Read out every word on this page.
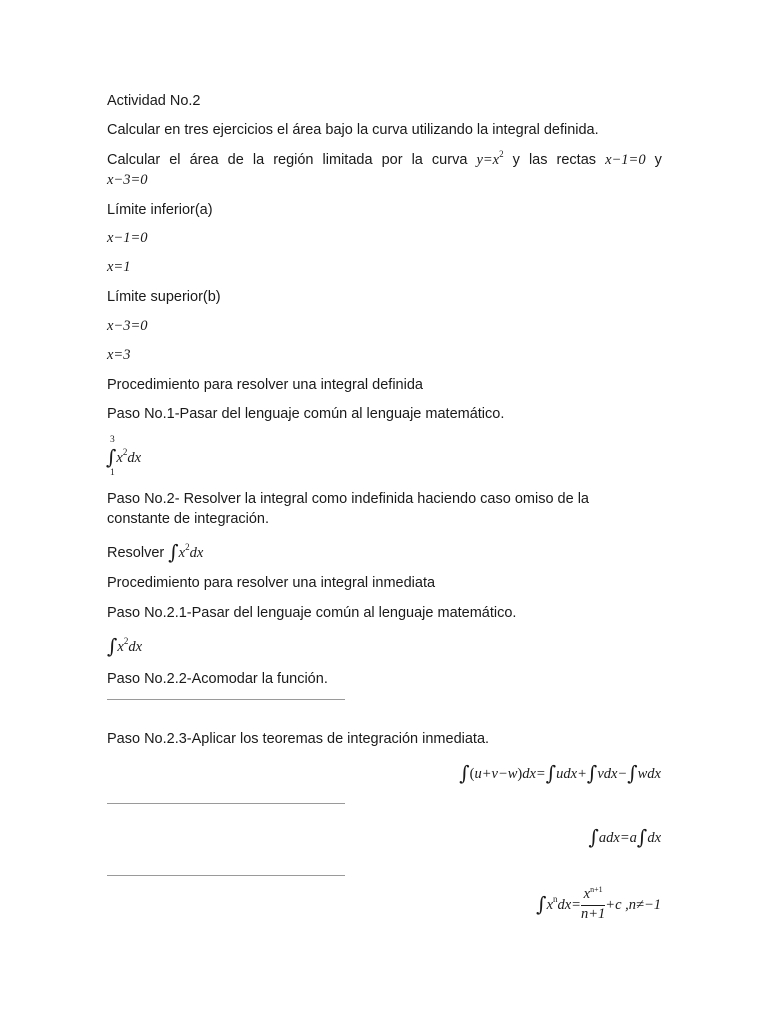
Actividad No.2
Calcular en tres ejercicios el área bajo la curva utilizando la integral definida.
Calcular el área de la región limitada por la curva $y=x^2$ y las rectas x−1=0 y
x−3=0
Límite inferior(a)
x−1=0
x=1
Límite superior(b)
x−3=0
x=3
Procedimiento para resolver una integral definida
Paso No.1-Pasar del lenguaje común al lenguaje matemático.
3
$\int x^2dx$
1
Paso No.2- Resolver la integral como indefinida haciendo caso omiso de la
constante de integración.
Resolver $\int x^2dx$
Procedimiento para resolver una integral inmediata
Paso No.2.1-Pasar del lenguaje común al lenguaje matemático.
$\int x^2dx$
Paso No.2.2-Acomodar la función.
Paso No.2.3-Aplicar los teoremas de integración inmediata.
∫(u+v−w)dx=∫udx+∫vdx−∫wdx
∫adx=a∫dx
$\int x^ndx= \frac{x^{n+1}}{n+1} +c$ ,n≠−1
